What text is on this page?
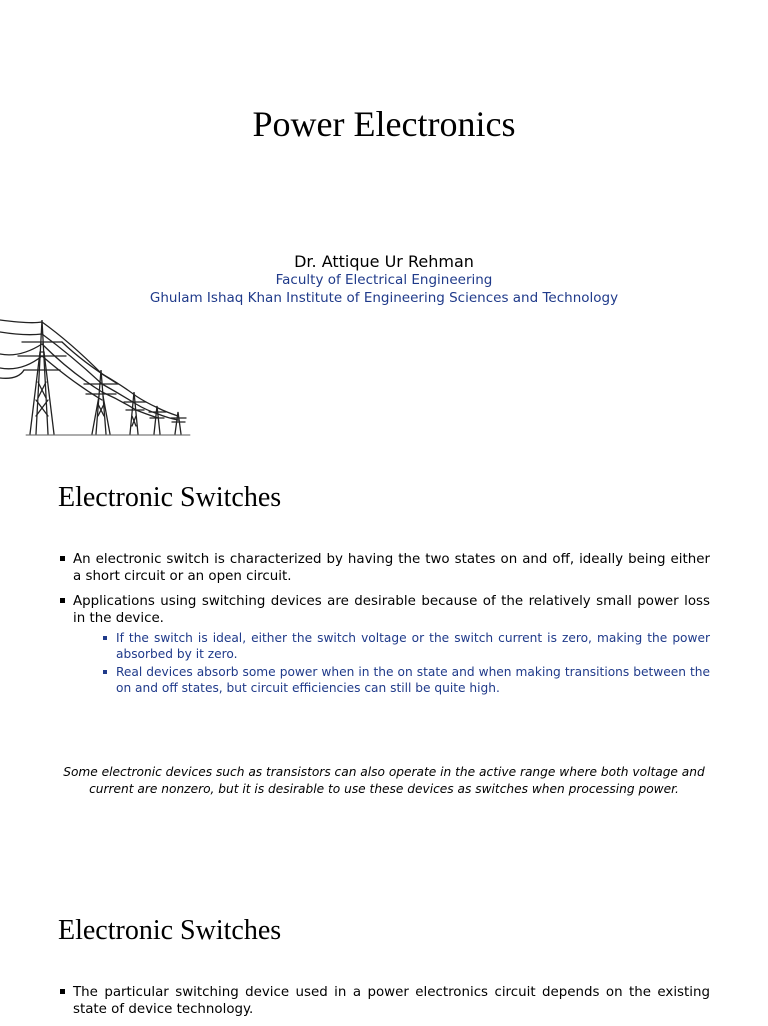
Power Electronics
Dr. Attique Ur Rehman
Faculty of Electrical Engineering
Ghulam Ishaq Khan Institute of Engineering Sciences and Technology
Electronic Switches
An electronic switch is characterized by having the two states on and off, ideally being either a short circuit or an open circuit.
Applications using switching devices are desirable because of the relatively small power loss in the device.
If the switch is ideal, either the switch voltage or the switch current is zero, making the power absorbed by it zero.
Real devices absorb some power when in the on state and when making transitions between the on and off states, but circuit efficiencies can still be quite high.
Some electronic devices such as transistors can also operate in the active range where both voltage and current are nonzero, but it is desirable to use these devices as switches when processing power.
Electronic Switches
The particular switching device used in a power electronics circuit depends on the existing state of device technology.
